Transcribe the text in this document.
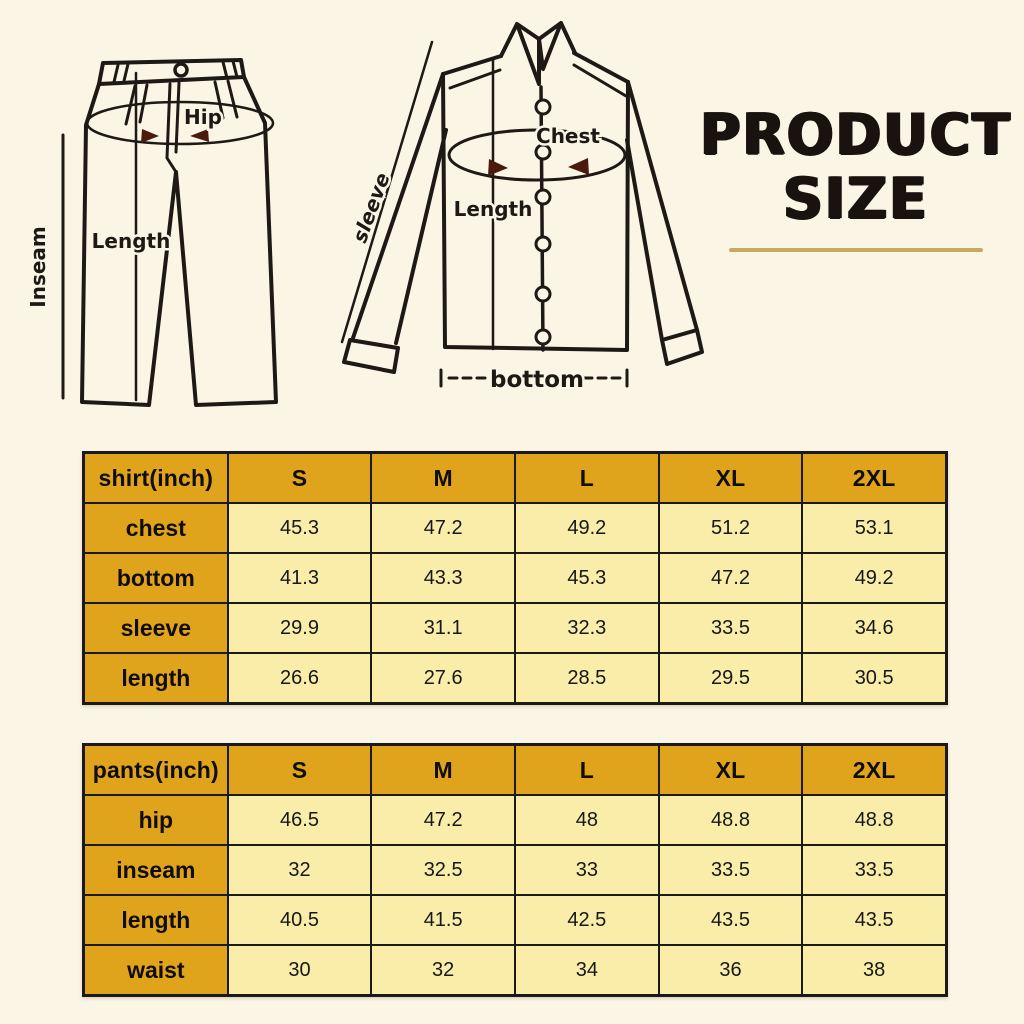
Hip
Length
Inseam
Chest
Length
sleeve
bottom
PRODUCT
SIZE
shirt(inch)	S	M	L	XL	2XL
chest	45.3	47.2	49.2	51.2	53.1
bottom	41.3	43.3	45.3	47.2	49.2
sleeve	29.9	31.1	32.3	33.5	34.6
length	26.6	27.6	28.5	29.5	30.5
pants(inch)	S	M	L	XL	2XL
hip	46.5	47.2	48	48.8	48.8
inseam	32	32.5	33	33.5	33.5
length	40.5	41.5	42.5	43.5	43.5
waist	30	32	34	36	38
